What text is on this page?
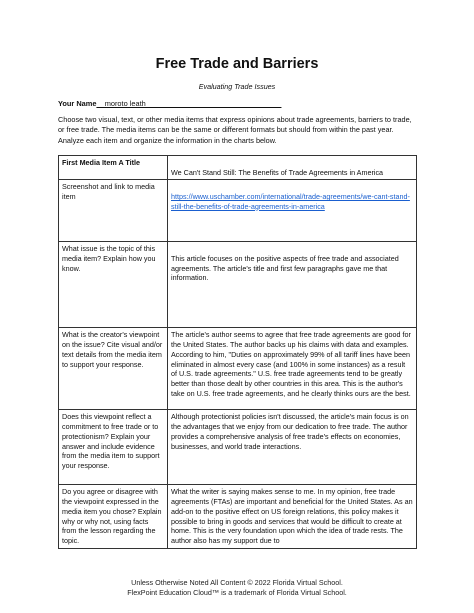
Free Trade and Barriers
Evaluating Trade Issues
Your Name__moroto leath_________________________________
Choose two visual, text, or other media items that express opinions about trade agreements, barriers to trade, or free trade. The media items can be the same or different formats but should from within the past year. Analyze each item and organize the information in the charts below.
First Media Item A Title	We Can't Stand Still: The Benefits of Trade Agreements in America
Screenshot and link to media item	https://www.uschamber.com/international/trade-agreements/we-cant-stand-still-the-benefits-of-trade-agreements-in-america
What issue is the topic of this media item? Explain how you know.	This article focuses on the positive aspects of free trade and associated agreements. The article's title and first few paragraphs gave me that information.
What is the creator's viewpoint on the issue? Cite visual and/or text details from the media item to support your response.	The article's author seems to agree that free trade agreements are good for the United States. The author backs up his claims with data and examples. According to him, "Duties on approximately 99% of all tariff lines have been eliminated in almost every case (and 100% in some instances) as a result of U.S. trade agreements." U.S. free trade agreements tend to be greatly better than those dealt by other countries in this area. This is the author's take on U.S. free trade agreements, and he clearly thinks ours are the best.
Does this viewpoint reflect a commitment to free trade or to protectionism? Explain your answer and include evidence from the media item to support your response.	Although protectionist policies isn't discussed, the article's main focus is on the advantages that we enjoy from our dedication to free trade. The author provides a comprehensive analysis of free trade's effects on economies, businesses, and world trade interactions.
Do you agree or disagree with the viewpoint expressed in the media item you chose? Explain why or why not, using facts from the lesson regarding the topic.	What the writer is saying makes sense to me. In my opinion, free trade agreements (FTAs) are important and beneficial for the United States. As an add-on to the positive effect on US foreign relations, this policy makes it possible to bring in goods and services that would be difficult to create at home. This is the very foundation upon which the idea of trade rests. The author also has my support due to
Unless Otherwise Noted All Content © 2022 Florida Virtual School.
FlexPoint Education Cloud™ is a trademark of Florida Virtual School.
